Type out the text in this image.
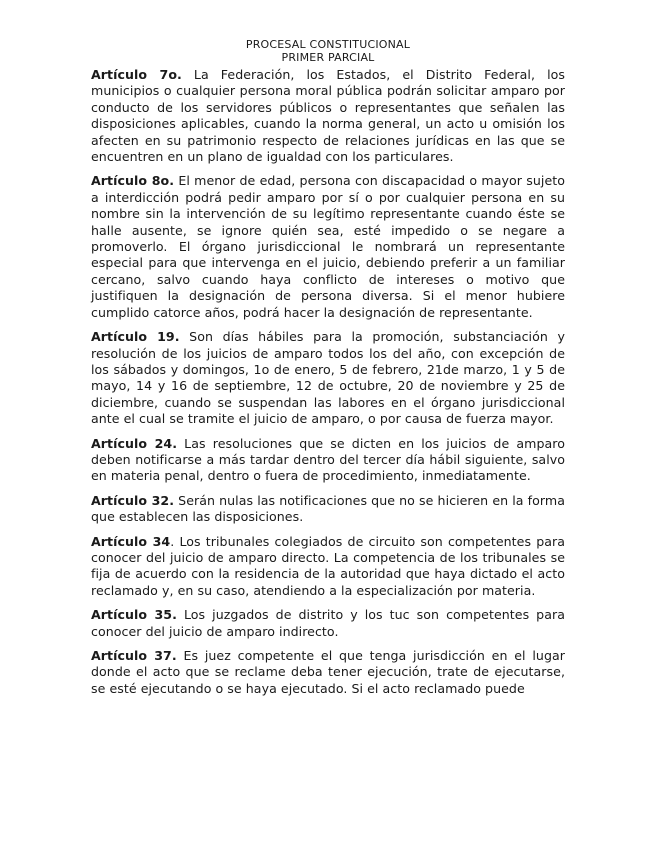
PROCESAL CONSTITUCIONAL
PRIMER PARCIAL

Artículo 7o. La Federación, los Estados, el Distrito Federal, los municipios o cualquier persona moral pública podrán solicitar amparo por conducto de los servidores públicos o representantes que señalen las disposiciones aplicables, cuando la norma general, un acto u omisión los afecten en su patrimonio respecto de relaciones jurídicas en las que se encuentren en un plano de igualdad con los particulares.

Artículo 8o. El menor de edad, persona con discapacidad o mayor sujeto a interdicción podrá pedir amparo por sí o por cualquier persona en su nombre sin la intervención de su legítimo representante cuando éste se halle ausente, se ignore quién sea, esté impedido o se negare a promoverlo. El órgano jurisdiccional le nombrará un representante especial para que intervenga en el juicio, debiendo preferir a un familiar cercano, salvo cuando haya conflicto de intereses o motivo que justifiquen la designación de persona diversa. Si el menor hubiere cumplido catorce años, podrá hacer la designación de representante.

Artículo 19. Son días hábiles para la promoción, substanciación y resolución de los juicios de amparo todos los del año, con excepción de los sábados y domingos, 1o de enero, 5 de febrero, 21de marzo, 1 y 5 de mayo, 14 y 16 de septiembre, 12 de octubre, 20 de noviembre y 25 de diciembre, cuando se suspendan las labores en el órgano jurisdiccional ante el cual se tramite el juicio de amparo, o por causa de fuerza mayor.

Artículo 24. Las resoluciones que se dicten en los juicios de amparo deben notificarse a más tardar dentro del tercer día hábil siguiente, salvo en materia penal, dentro o fuera de procedimiento, inmediatamente.

Artículo 32. Serán nulas las notificaciones que no se hicieren en la forma que establecen las disposiciones.

Artículo 34. Los tribunales colegiados de circuito son competentes para conocer del juicio de amparo directo. La competencia de los tribunales se fija de acuerdo con la residencia de la autoridad que haya dictado el acto reclamado y, en su caso, atendiendo a la especialización por materia.

Artículo 35. Los juzgados de distrito y los tuc son competentes para conocer del juicio de amparo indirecto.

Artículo 37. Es juez competente el que tenga jurisdicción en el lugar donde el acto que se reclame deba tener ejecución, trate de ejecutarse, se esté ejecutando o se haya ejecutado. Si el acto reclamado puede
